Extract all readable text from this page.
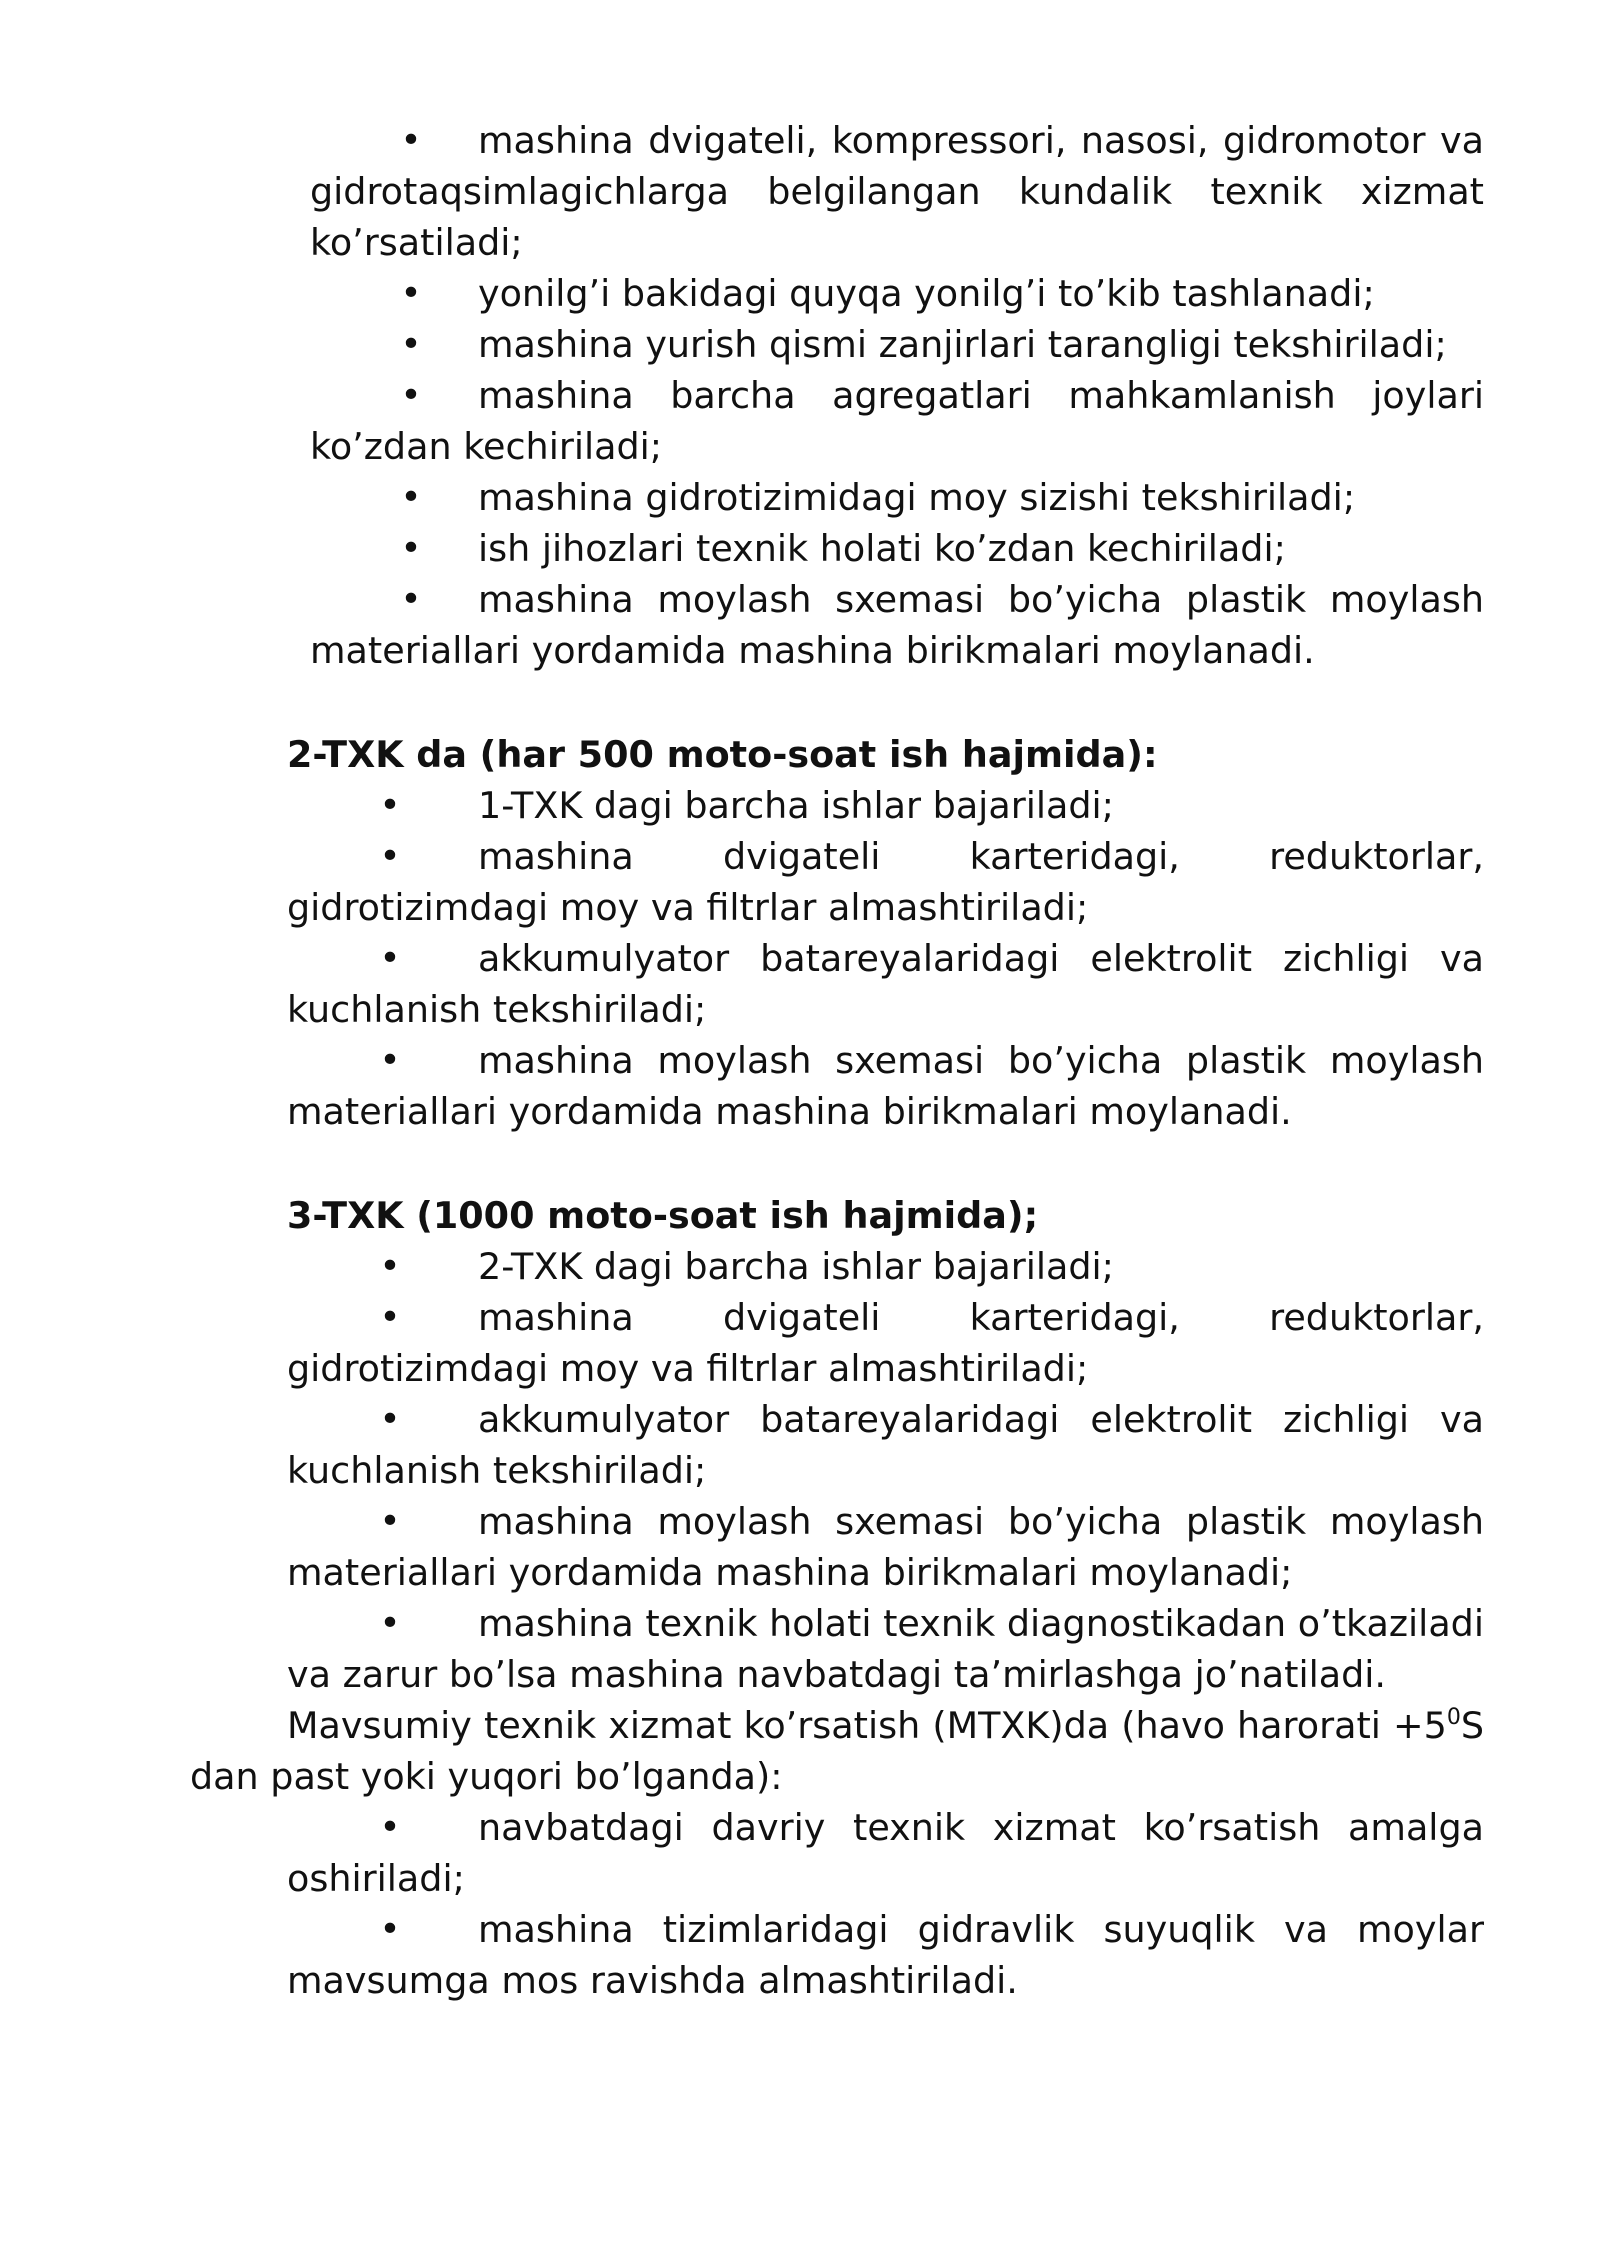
• mashina dvigateli, kompressori, nasosi, gidromotor va
gidrotaqsimlagichlarga belgilangan kundalik texnik xizmat
ko’rsatiladi;
• yonilg’i bakidagi quyqa yonilg’i to’kib tashlanadi;
• mashina yurish qismi zanjirlari tarangligi tekshiriladi;
• mashina barcha agregatlari mahkamlanish joylari
ko’zdan kechiriladi;
• mashina gidrotizimidagi moy sizishi tekshiriladi;
• ish jihozlari texnik holati ko’zdan kechiriladi;
• mashina moylash sxemasi bo’yicha plastik moylash
materiallari yordamida mashina birikmalari moylanadi.
2-TXK da (har 500 moto-soat ish hajmida):
• 1-TXK dagi barcha ishlar bajariladi;
• mashina dvigateli karteridagi, reduktorlar,
gidrotizimdagi moy va filtrlar almashtiriladi;
• akkumulyator batareyalaridagi elektrolit zichligi va
kuchlanish tekshiriladi;
• mashina moylash sxemasi bo’yicha plastik moylash
materiallari yordamida mashina birikmalari moylanadi.
3-TXK (1000 moto-soat ish hajmida);
• 2-TXK dagi barcha ishlar bajariladi;
• mashina dvigateli karteridagi, reduktorlar,
gidrotizimdagi moy va filtrlar almashtiriladi;
• akkumulyator batareyalaridagi elektrolit zichligi va
kuchlanish tekshiriladi;
• mashina moylash sxemasi bo’yicha plastik moylash
materiallari yordamida mashina birikmalari moylanadi;
• mashina texnik holati texnik diagnostikadan o’tkaziladi
va zarur bo’lsa mashina navbatdagi ta’mirlashga jo’natiladi.
Mavsumiy texnik xizmat ko’rsatish (MTXK)da (havo harorati $+5^0S$
dan past yoki yuqori bo’lganda):
• navbatdagi davriy texnik xizmat ko’rsatish amalga
oshiriladi;
• mashina tizimlaridagi gidravlik suyuqlik va moylar
mavsumga mos ravishda almashtiriladi.
